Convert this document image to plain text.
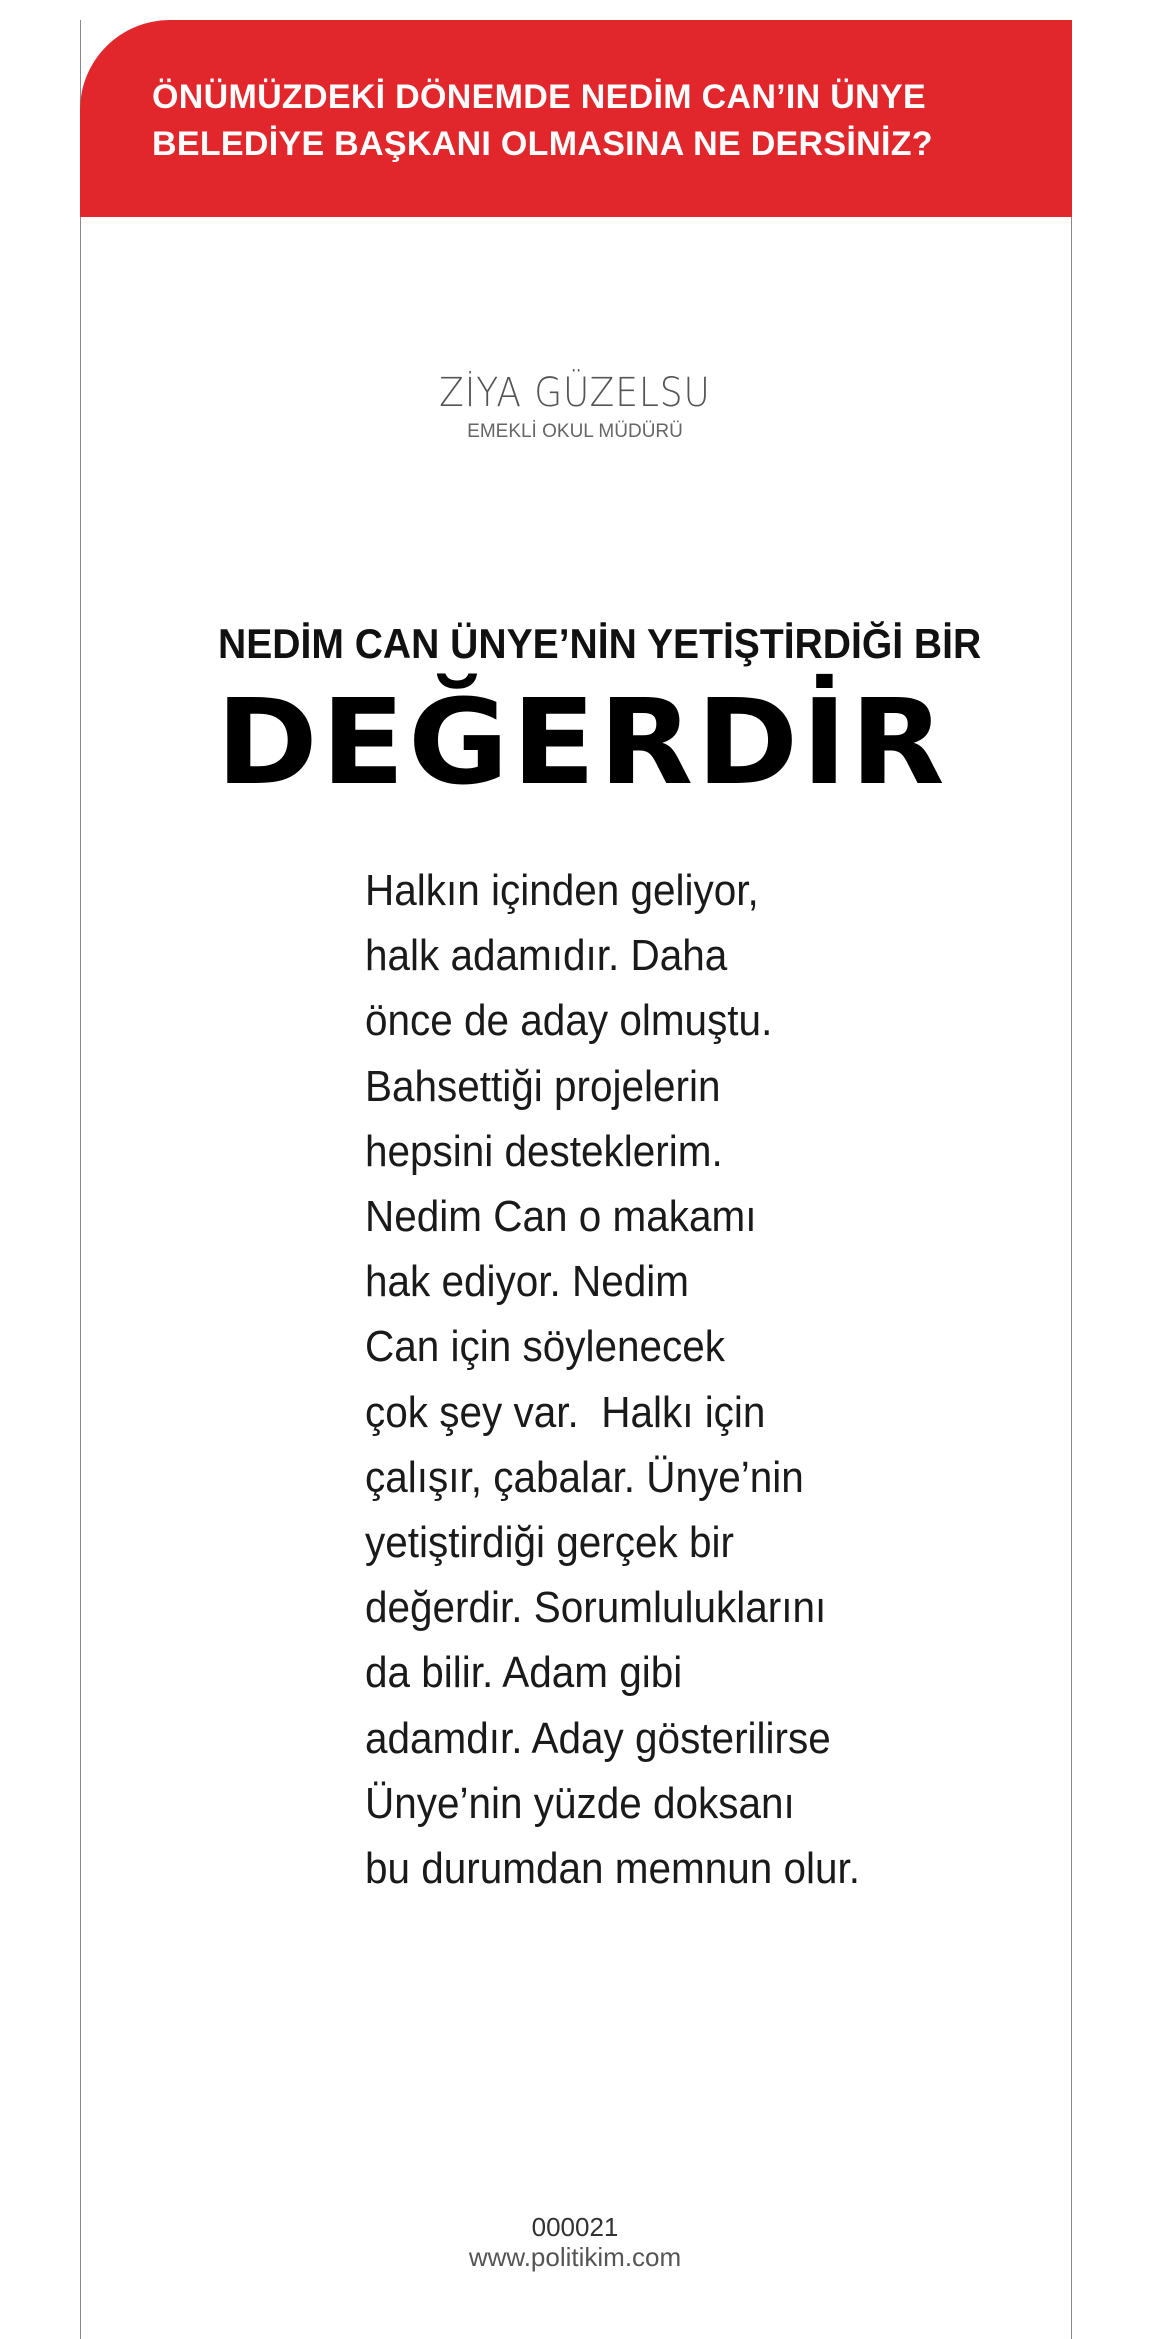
ÖNÜMÜZDEKİ DÖNEMDE NEDİM CAN’IN ÜNYE
BELEDİYE BAŞKANI OLMASINA NE DERSİNİZ?
ZİYA GÜZELSU
EMEKLİ OKUL MÜDÜRÜ
NEDİM CAN ÜNYE’NİN YETİŞTİRDİĞİ BİR
DEĞERDİR
Halkın içinden geliyor,
halk adamıdır. Daha
önce de aday olmuştu.
Bahsettiği projelerin
hepsini desteklerim.
Nedim Can o makamı
hak ediyor. Nedim
Can için söylenecek
çok şey var.  Halkı için
çalışır, çabalar. Ünye’nin
yetiştirdiği gerçek bir
değerdir. Sorumluluklarını
da bilir. Adam gibi
adamdır. Aday gösterilirse
Ünye’nin yüzde doksanı
bu durumdan memnun olur.
000021
www.politikim.com
